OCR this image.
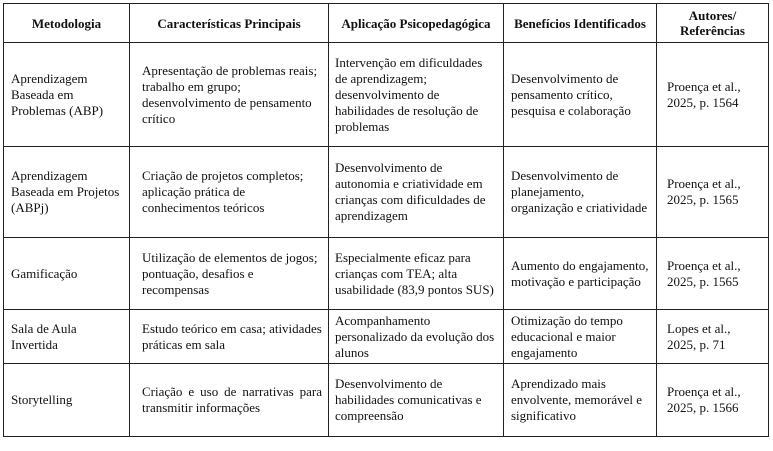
Metodologia	Características Principais	Aplicação Psicopedagógica	Benefícios Identificados	Autores/ Referências
Aprendizagem Baseada em Problemas (ABP)	Apresentação de problemas reais; trabalho em grupo; desenvolvimento de pensamento crítico	Intervenção em dificuldades de aprendizagem; desenvolvimento de habilidades de resolução de problemas	Desenvolvimento de pensamento crítico, pesquisa e colaboração	Proença et al., 2025, p. 1564
Aprendizagem Baseada em Projetos (ABPj)	Criação de projetos completos; aplicação prática de conhecimentos teóricos	Desenvolvimento de autonomia e criatividade em crianças com dificuldades de aprendizagem	Desenvolvimento de planejamento, organização e criatividade	Proença et al., 2025, p. 1565
Gamificação	Utilização de elementos de jogos; pontuação, desafios e recompensas	Especialmente eficaz para crianças com TEA; alta usabilidade (83,9 pontos SUS)	Aumento do engajamento, motivação e participação	Proença et al., 2025, p. 1565
Sala de Aula Invertida	Estudo teórico em casa; atividades práticas em sala	Acompanhamento personalizado da evolução dos alunos	Otimização do tempo educacional e maior engajamento	Lopes et al., 2025, p. 71
Storytelling	Criação e uso de narrativas para transmitir informações	Desenvolvimento de habilidades comunicativas e compreensão	Aprendizado mais envolvente, memorável e significativo	Proença et al., 2025, p. 1566
